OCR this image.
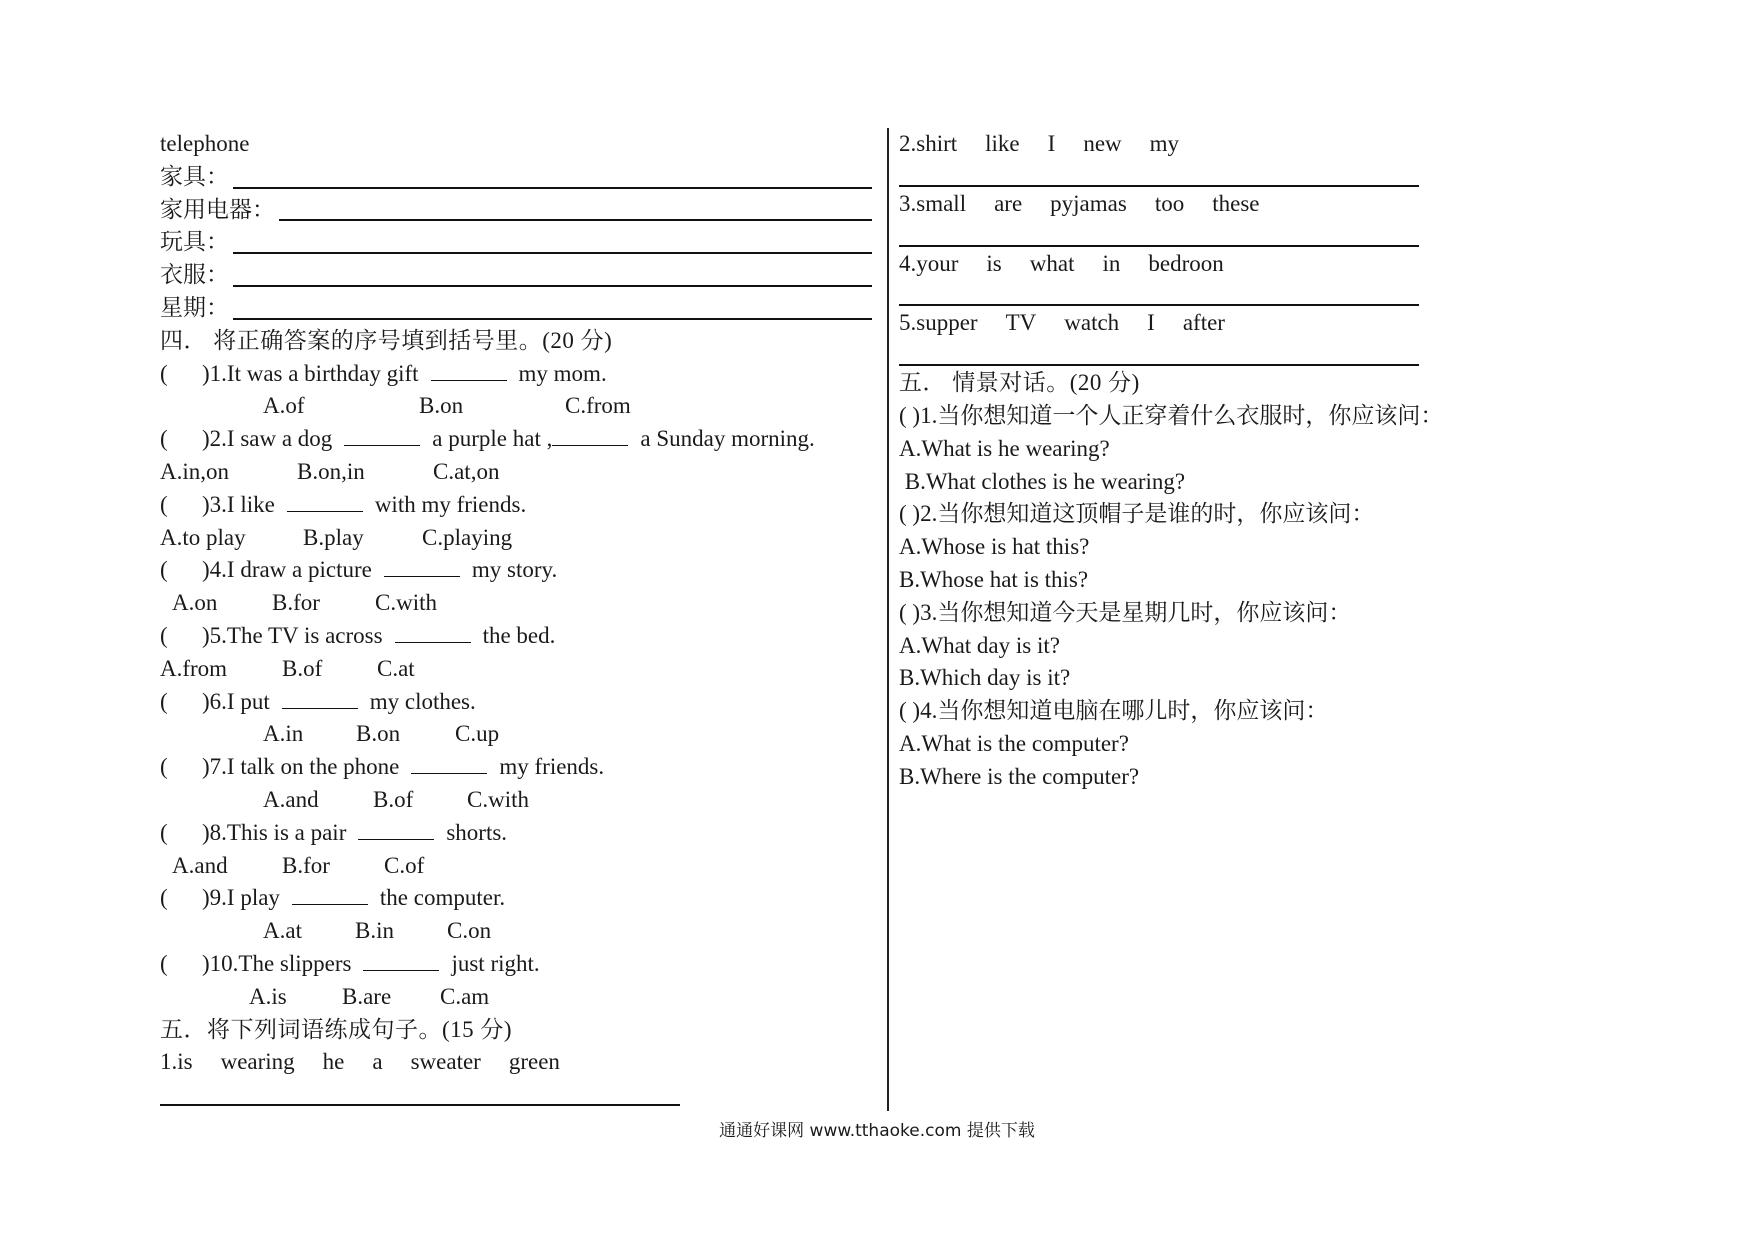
telephone
家具：
家用电器：
玩具：
衣服：
星期：
四． 将正确答案的序号填到括号里。(20 分)
( )1.It was a birthday gift	my mom.
A.of	B.on	C.from
( )2.I saw a dog	a purple hat ,	a Sunday morning.
A.in,on	B.on,in	C.at,on
( )3.I like	with my friends.
A.to play B.play	C.playing
( )4.I draw a picture	my story.
A.on B.for C.with
( )5.The TV is across	the bed.
A.from B.of C.at
( )6.I put	my clothes.
A.in B.on C.up
( )7.I talk on the phone	my friends.
A.and B.of C.with
( )8.This is a pair	shorts.
A.and B.for C.of
( )9.I play	the computer.
A.at B.in C.on
( )10.The slippers	just right.
A.is B.are C.am
五．将下列词语练成句子。(15 分)
1.is wearing he a sweater green
2.shirt like I new my
3.small are pyjamas too these
4.your is what in bedroon
5.supper TV watch I after
五． 情景对话。(20 分)
( )1.当你想知道一个人正穿着什么衣服时，你应该问：
A.What is he wearing?
B.What clothes is he wearing?
( )2.当你想知道这顶帽子是谁的时，你应该问：
A.Whose is hat this?
B.Whose hat is this?
( )3.当你想知道今天是星期几时，你应该问：
A.What day is it?
B.Which day is it?
( )4.当你想知道电脑在哪儿时，你应该问：
A.What is the computer?
B.Where is the computer?
通通好课网 www.tthaoke.com 提供下载
